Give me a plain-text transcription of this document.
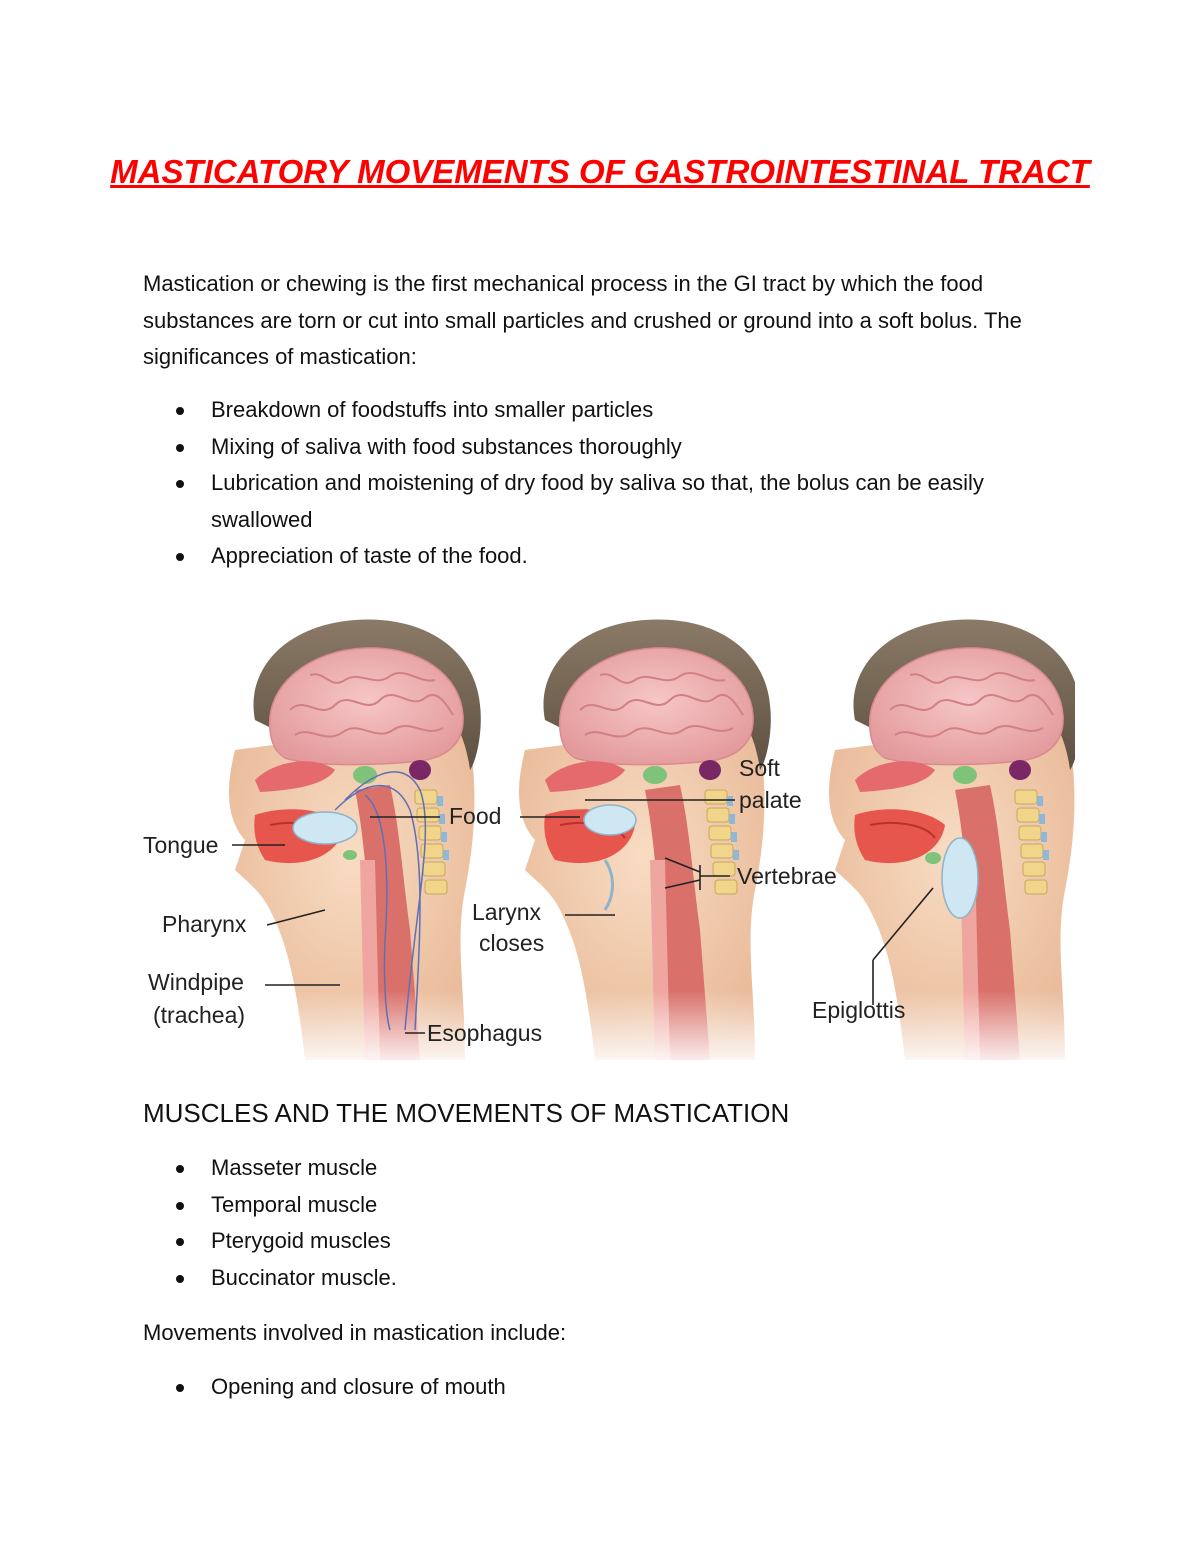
MASTICATORY MOVEMENTS OF GASTROINTESTINAL TRACT

Mastication or chewing is the first mechanical process in the GI tract by which the food substances are torn or cut into small particles and crushed or ground into a soft bolus. The significances of mastication:

Breakdown of foodstuffs into smaller particles
Mixing of saliva with food substances thoroughly
Lubrication and moistening of dry food by saliva so that, the bolus can be easily swallowed
Appreciation of taste of the food.
Tongue
Pharynx
Windpipe
(trachea)
Food
Esophagus
Larynx
closes
Soft
palate
Vertebrae
Epiglottis
MUSCLES AND THE MOVEMENTS OF MASTICATION
Masseter muscle
Temporal muscle
Pterygoid muscles
Buccinator muscle.

Movements involved in mastication include:

Opening and closure of mouth
